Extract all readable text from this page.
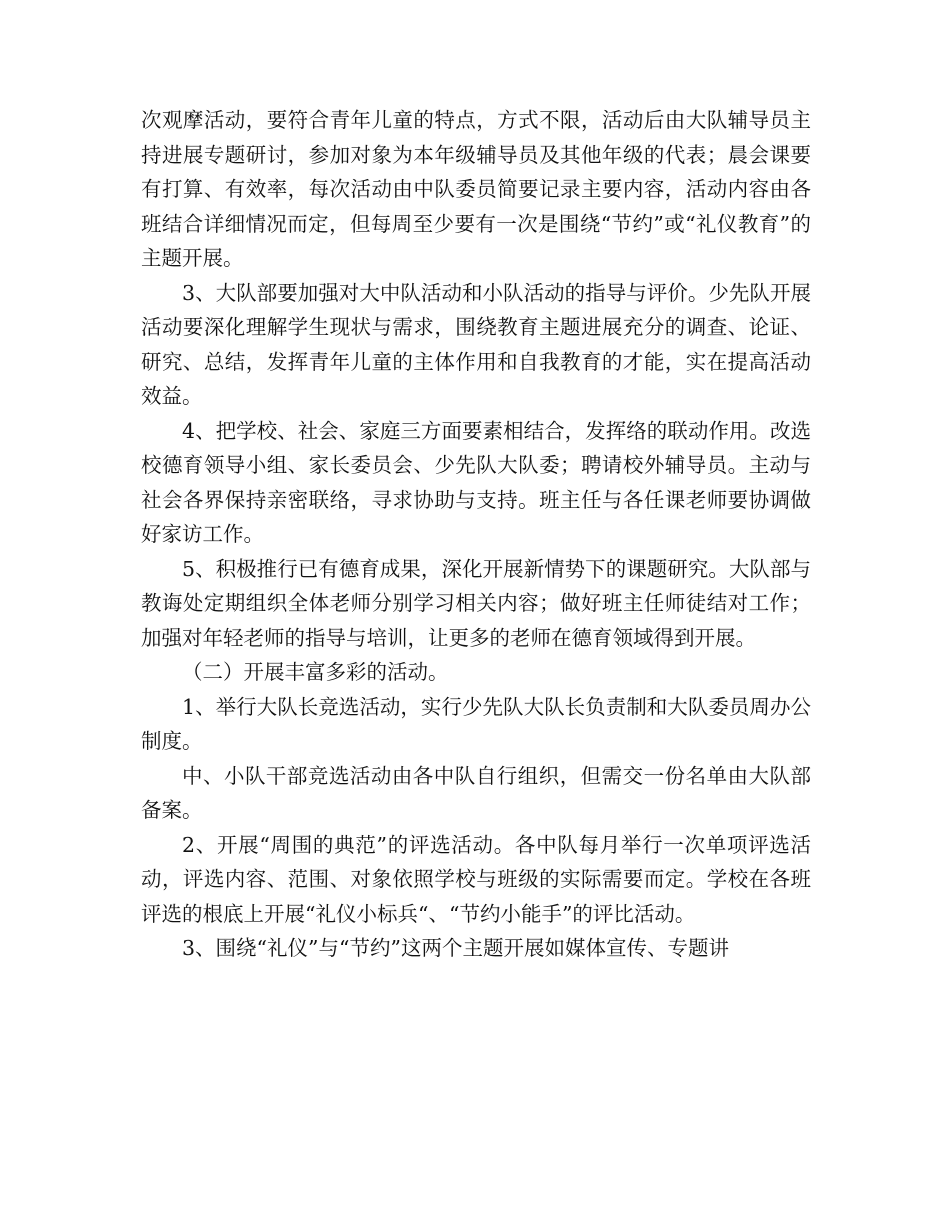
次观摩活动，要符合青年儿童的特点，方式不限，活动后由大队辅导员主持进展专题研讨，参加对象为本年级辅导员及其他年级的代表；晨会课要有打算、有效率，每次活动由中队委员简要记录主要内容，活动内容由各班结合详细情况而定，但每周至少要有一次是围绕“节约”或“礼仪教育”的主题开展。

3、大队部要加强对大中队活动和小队活动的指导与评价。少先队开展活动要深化理解学生现状与需求，围绕教育主题进展充分的调查、论证、研究、总结，发挥青年儿童的主体作用和自我教育的才能，实在提高活动效益。

4、把学校、社会、家庭三方面要素相结合，发挥络的联动作用。改选校德育领导小组、家长委员会、少先队大队委；聘请校外辅导员。主动与社会各界保持亲密联络，寻求协助与支持。班主任与各任课老师要协调做好家访工作。

5、积极推行已有德育成果，深化开展新情势下的课题研究。大队部与教诲处定期组织全体老师分别学习相关内容；做好班主任师徒结对工作；加强对年轻老师的指导与培训，让更多的老师在德育领域得到开展。

（二）开展丰富多彩的活动。

1、举行大队长竞选活动，实行少先队大队长负责制和大队委员周办公制度。

中、小队干部竞选活动由各中队自行组织，但需交一份名单由大队部备案。

2、开展“周围的典范”的评选活动。各中队每月举行一次单项评选活动，评选内容、范围、对象依照学校与班级的实际需要而定。学校在各班评选的根底上开展“礼仪小标兵“、“节约小能手”的评比活动。

3、围绕“礼仪”与“节约”这两个主题开展如媒体宣传、专题讲
